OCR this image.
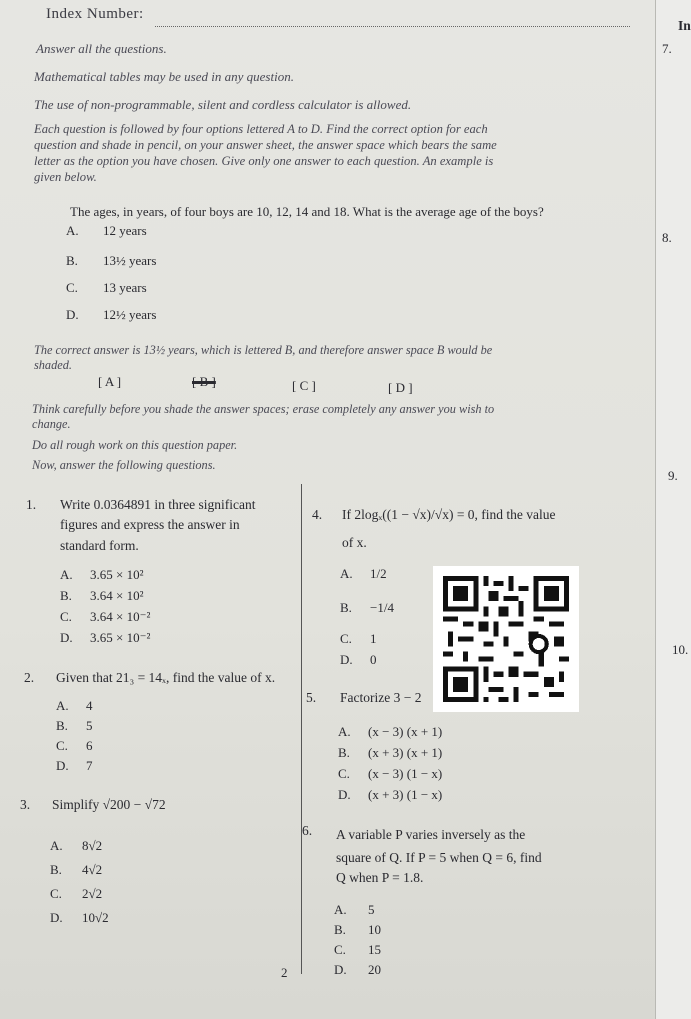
Index Number:
Answer all the questions.
Mathematical tables may be used in any question.
The use of non-programmable, silent and cordless calculator is allowed.
Each question is followed by four options lettered A to D. Find the correct option for each
question and shade in pencil, on your answer sheet, the answer space which bears the same
letter as the option you have chosen. Give only one answer to each question. An example is
given below.
The ages, in years, of four boys are 10, 12, 14 and 18. What is the average age of the boys?
A. 12 years
B. 13½ years
C. 13 years
D. 12½ years
The correct answer is 13½ years, which is lettered B, and therefore answer space B would be
shaded.
[ A ]	[ B ]	[ C ]	[ D ]
Think carefully before you shade the answer spaces; erase completely any answer you wish to
change.
Do all rough work on this question paper.
Now, answer the following questions.
1. Write 0.0364891 in three significant
figures and express the answer in
standard form.
A. 3.65 × 10²
B. 3.64 × 10²
C. 3.64 × 10⁻²
D. 3.65 × 10⁻²
2. Given that 21₃ = 14ₓ, find the value of x.
A. 4
B. 5
C. 6
D. 7
3. Simplify √200 − √72
A. 8√2
B. 4√2
C. 2√2
D. 10√2
4. If 2logₓ((1 − √x)/√x) = 0, find the value
of x.
A. 1/2
B. −1/4
C. 1
D. 0
5. Factorize 3 − 2
A. (x − 3) (x + 1)
B. (x + 3) (x + 1)
C. (x − 3) (1 − x)
D. (x + 3) (1 − x)
6. A variable P varies inversely as the
square of Q. If P = 5 when Q = 6, find
Q when P = 1.8.
A. 5
B. 10
C. 15
D. 20
2
In
7.
8.
9.
10.
